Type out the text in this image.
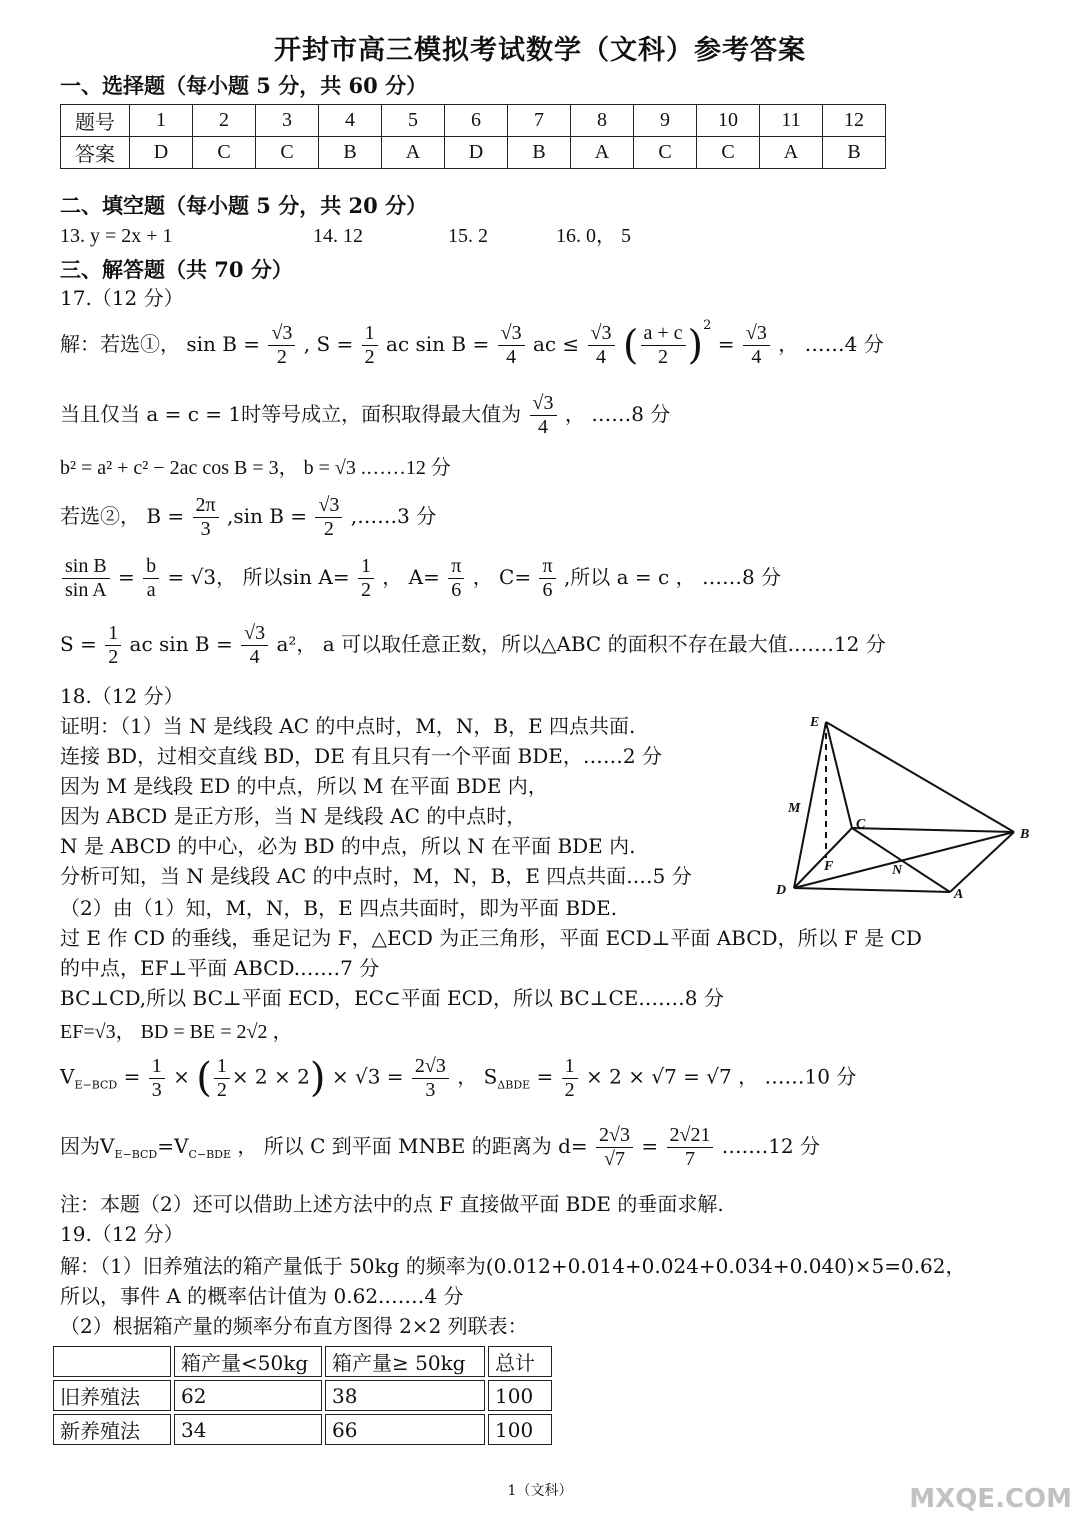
开封市高三模拟考试数学（文科）参考答案
一、选择题（每小题 5 分，共 60 分）
题号	1	2	3	4	5	6	7	8	9	10	11	12
答案	D	C	C	B	A	D	B	A	C	C	A	B
二、填空题（每小题 5 分，共 20 分）
13. y = 2x + 1	14. 12	15. 2	16. 0， 5
三、解答题（共 70 分）
17.（12 分）
解：若选①， $\sin B = \frac{√3}{2}$ , $S = \frac{1}{2}$ ac $\sin B = \frac{√3}{4}$ ac ≤ $\frac{√3}{4}$ ( $\frac{a + c}{2} )^2 = \frac{√3}{4}$ ， ……4 分
当且仅当 a = c = 1时等号成立，面积取得最大值为 $\frac{√3}{4}$ ， ……8 分
b² = a² + c² − 2ac cos B = 3， b = √3 .……12 分
若选②， $B = \frac{2\pi}{3} ,\sin$ $B = \frac{√3}{2}$ ,……3 分
$\frac{\text{sin B}}{\text{sin A}} = \frac{b}{a} = √3$， 所以$\sin A= \frac{1}{2}$ ， $A= \frac{\pi}{6}$ ， $C= \frac{\pi}{6}$ ,所以 a = c ， ……8 分
$S = \frac{1}{2}$ ac $\sin B = \frac{√3}{4} a^2$， a 可以取任意正数，所以△ABC 的面积不存在最大值.……12 分
18.（12 分）
证明：（1）当 N 是线段 AC 的中点时，M，N，B，E 四点共面.
连接 BD，过相交直线 BD，DE 有且只有一个平面 BDE，……2 分
因为 M 是线段 ED 的中点，所以 M 在平面 BDE 内，
因为 ABCD 是正方形，当 N 是线段 AC 的中点时，
N 是 ABCD 的中心，必为 BD 的中点，所以 N 在平面 BDE 内.
分析可知，当 N 是线段 AC 的中点时，M，N，B，E 四点共面.…5 分
（2）由（1）知，M，N，B，E 四点共面时，即为平面 BDE.
过 E 作 CD 的垂线，垂足记为 F，△ECD 为正三角形，平面 ECD⊥平面 ABCD，所以 F 是 CD
的中点，EF⊥平面 ABCD.……7 分
BC⊥CD,所以 BC⊥平面 ECD，EC⊂平面 ECD，所以 BC⊥CE.……8 分
EF=√3， BD = BE = 2√2 ，
$V_{E-BCD} = \frac{1}{3}$ × ( $\frac{1}{2} \times 2 \times 2) \times √3 = \frac{2√3}{3}$ ， $S_{\Delta BDE} = \frac{1}{2} \times 2 \times √7 = √7$ ， ……10 分
因为$V_{E-BCD}=V_{C-BDE}$ ， 所以 C 到平面 MNBE 的距离为 $d= \frac{2√3}{√7} = \frac{2√21}{7}$ .……12 分
注：本题（2）还可以借助上述方法中的点 F 直接做平面 BDE 的垂面求解.
E
M
C
B
F	N
D	A
19.（12 分）
解：（1）旧养殖法的箱产量低于 50kg 的频率为(0.012+0.014+0.024+0.034+0.040)×5=0.62，
所以，事件 A 的概率估计值为 0.62.……4 分
（2）根据箱产量的频率分布直方图得 2×2 列联表：
	箱产量<50kg	箱产量≥ 50kg	总计
旧养殖法	62	38	100
新养殖法	34	66	100
1（文科）	MXQE.COM
